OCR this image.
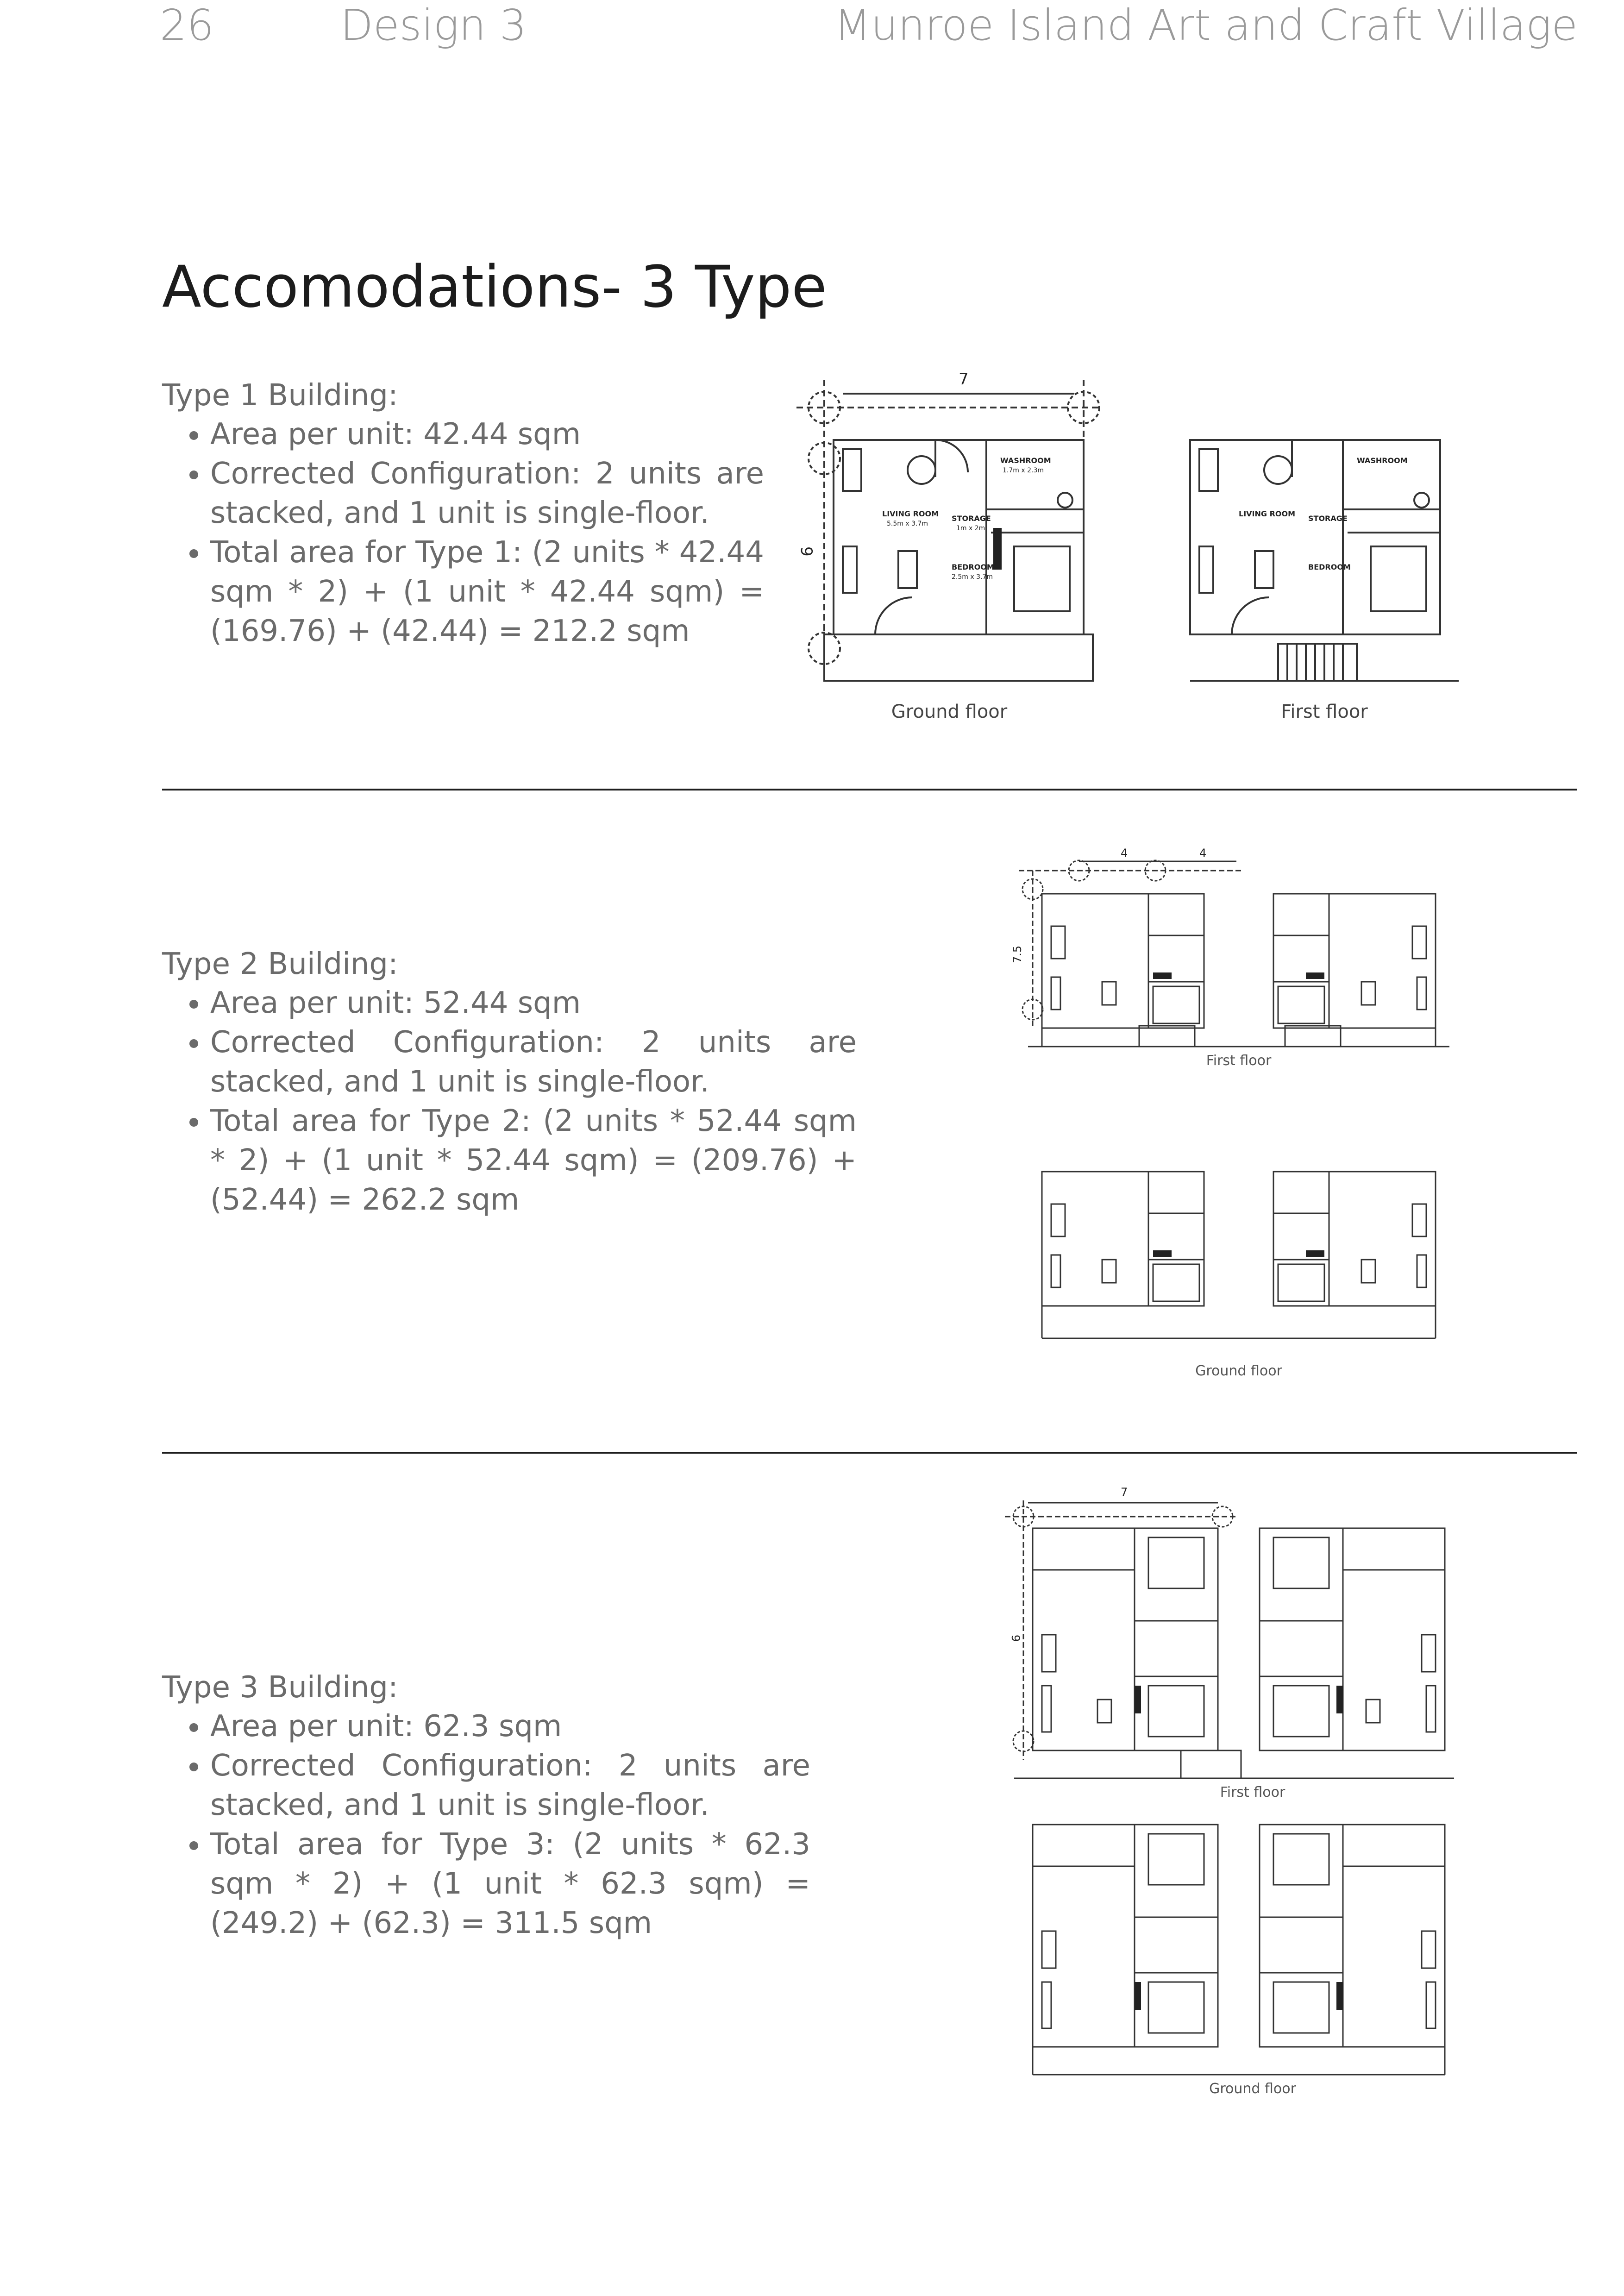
26	Design 3	Munroe Island Art and Craft Village
Accomodations- 3 Type

Type 1 Building:

• Area per unit: 42.44 sqm
• Corrected Configuration: 2 units are stacked, and 1 unit is single-floor.
• Total area for Type 1: (2 units * 42.44 sqm * 2) + (1 unit * 42.44 sqm) = (169.76) + (42.44) = 212.2 sqm
7
9
WASHROOM
1.7m x 2.3m
LIVING ROOM
5.5m x 3.7m
STORAGE
1m x 2m
BEDROOM
2.5m x 3.7m
WASHROOM
LIVING ROOM
STORAGE
BEDROOM
Ground floor	First floor

Type 2 Building:

• Area per unit: 52.44 sqm
• Corrected Configuration: 2 units are stacked, and 1 unit is single-floor.
• Total area for Type 2: (2 units * 52.44 sqm * 2) + (1 unit * 52.44 sqm) = (209.76) + (52.44) = 262.2 sqm
4	4
7.5
First floor
Ground floor

Type 3 Building:

• Area per unit: 62.3 sqm
• Corrected Configuration: 2 units are stacked, and 1 unit is single-floor.
• Total area for Type 3: (2 units * 62.3 sqm * 2) + (1 unit * 62.3 sqm) = (249.2) + (62.3) = 311.5 sqm
7
9
First floor
Ground floor
